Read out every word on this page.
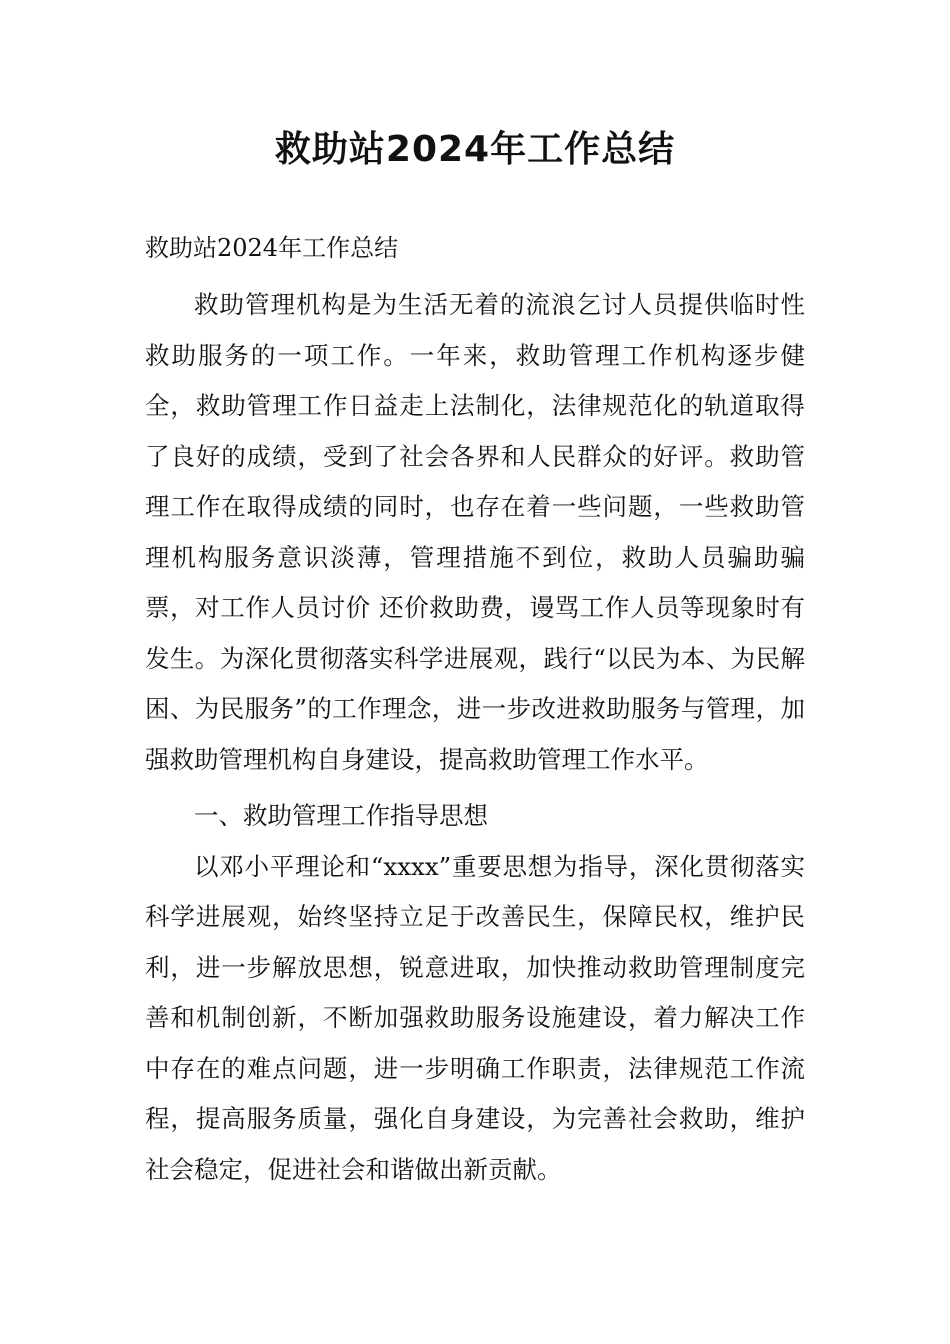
救助站2024年工作总结
救助站2024年工作总结

救助管理机构是为生活无着的流浪乞讨人员提供临时性救助服务的一项工作。一年来，救助管理工作机构逐步健全，救助管理工作日益走上法制化，法律规范化的轨道取得了良好的成绩，受到了社会各界和人民群众的好评。救助管理工作在取得成绩的同时，也存在着一些问题，一些救助管理机构服务意识淡薄，管理措施不到位，救助人员骗助骗票，对工作人员讨价 还价救助费，谩骂工作人员等现象时有发生。为深化贯彻落实科学进展观，践行“以民为本、为民解困、为民服务”的工作理念，进一步改进救助服务与管理，加强救助管理机构自身建设，提高救助管理工作水平。

一、救助管理工作指导思想

以邓小平理论和“xxxx”重要思想为指导，深化贯彻落实科学进展观，始终坚持立足于改善民生，保障民权，维护民利，进一步解放思想，锐意进取，加快推动救助管理制度完善和机制创新，不断加强救助服务设施建设，着力解决工作中存在的难点问题，进一步明确工作职责，法律规范工作流程，提高服务质量，强化自身建设，为完善社会救助，维护社会稳定，促进社会和谐做出新贡献。
